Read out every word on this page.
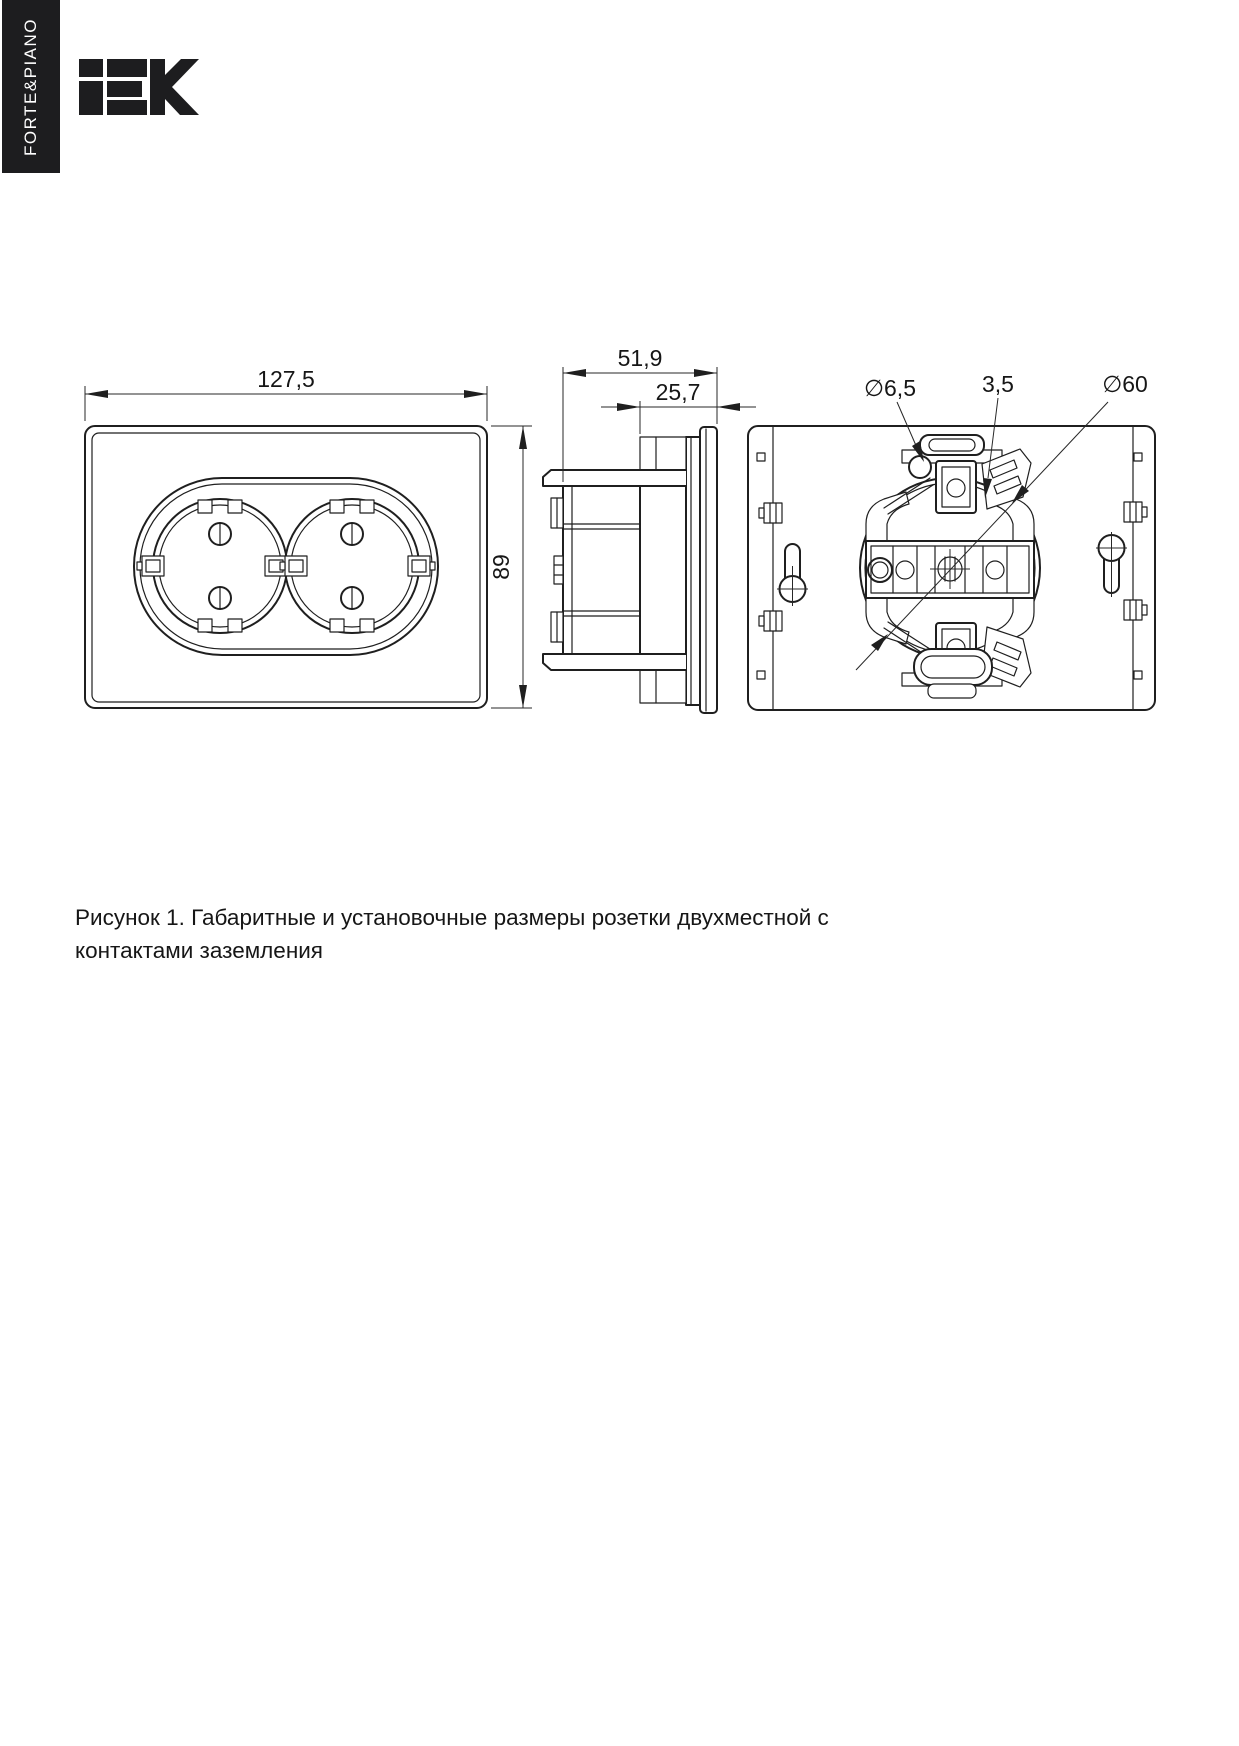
FORTE&PIANO
127,5
89
51,9
25,7	∅6,5	3,5	∅60
Рисунок 1. Габаритные и установочные размеры розетки двухместной с контактами заземления
